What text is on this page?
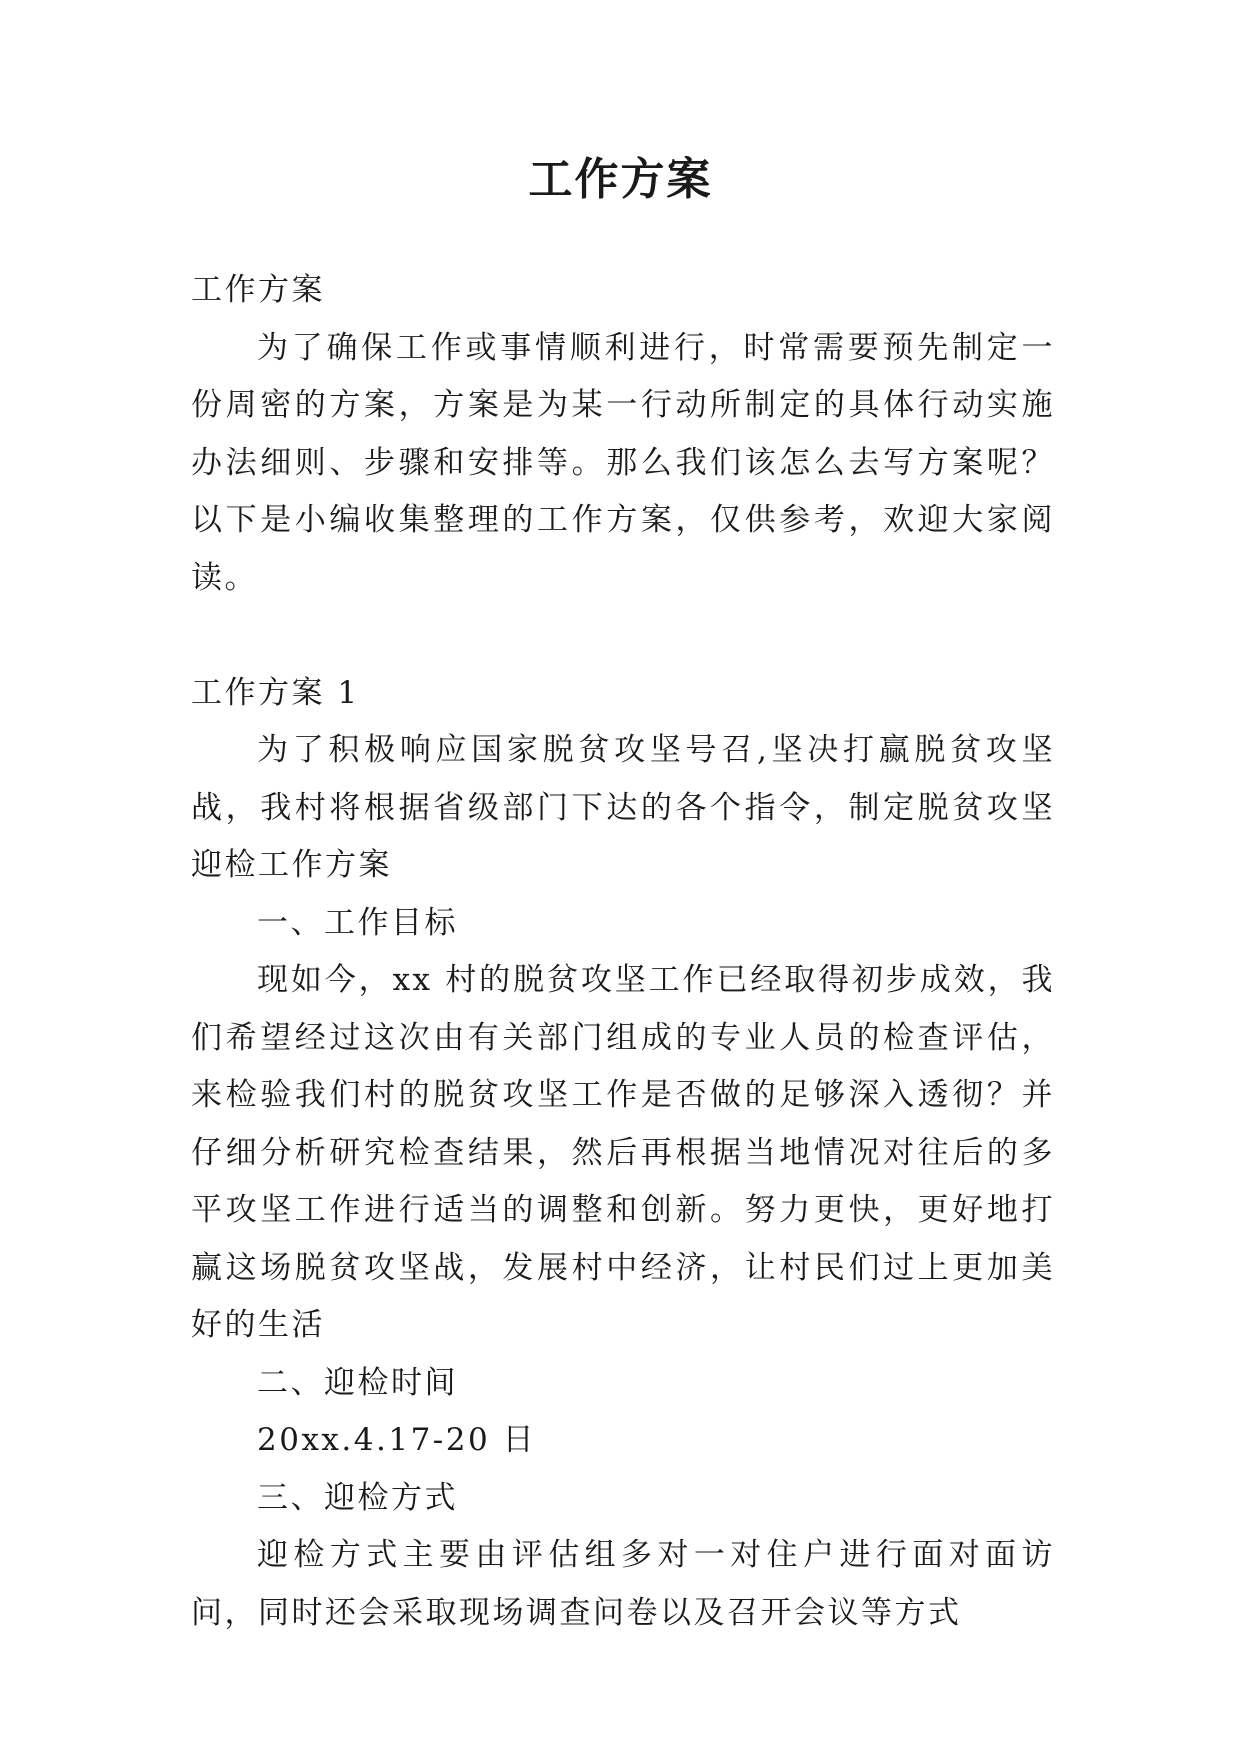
工作方案

工作方案

为了确保工作或事情顺利进行，时常需要预先制定一份周密的方案，方案是为某一行动所制定的具体行动实施办法细则、步骤和安排等。那么我们该怎么去写方案呢？以下是小编收集整理的工作方案，仅供参考，欢迎大家阅读。

工作方案 1

为了积极响应国家脱贫攻坚号召,坚决打赢脱贫攻坚战，我村将根据省级部门下达的各个指令，制定脱贫攻坚迎检工作方案

一、工作目标

现如今，xx 村的脱贫攻坚工作已经取得初步成效，我们希望经过这次由有关部门组成的专业人员的检查评估，来检验我们村的脱贫攻坚工作是否做的足够深入透彻？并仔细分析研究检查结果，然后再根据当地情况对往后的多平攻坚工作进行适当的调整和创新。努力更快，更好地打赢这场脱贫攻坚战，发展村中经济，让村民们过上更加美好的生活

二、迎检时间

20xx.4.17-20 日

三、迎检方式

迎检方式主要由评估组多对一对住户进行面对面访问，同时还会采取现场调查问卷以及召开会议等方式
